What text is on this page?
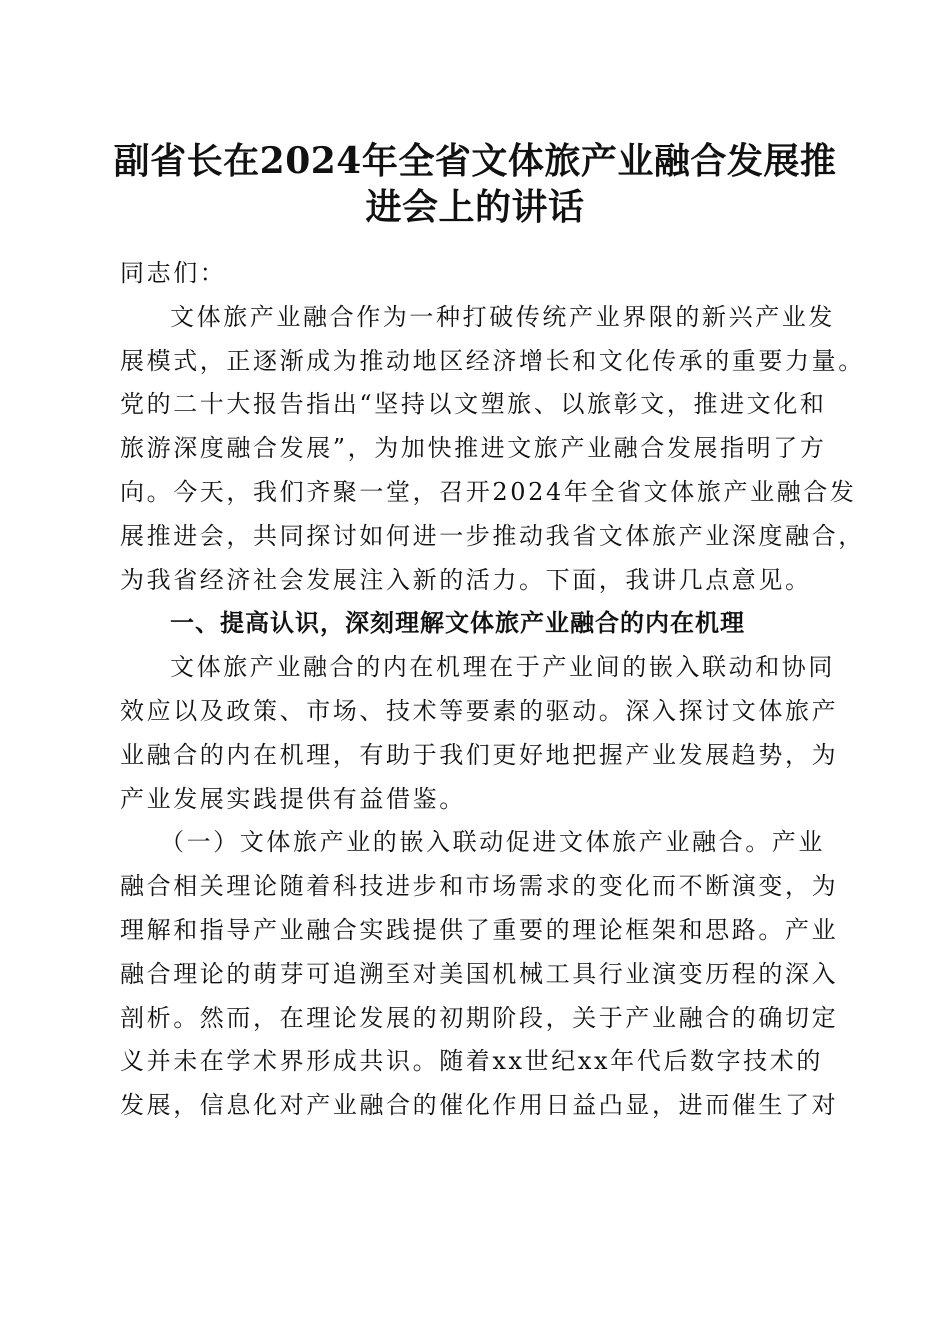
副省长在2024年全省文体旅产业融合发展推
进会上的讲话
同志们：
文体旅产业融合作为一种打破传统产业界限的新兴产业发
展模式，正逐渐成为推动地区经济增长和文化传承的重要力量。
党的二十大报告指出“坚持以文塑旅、以旅彰文，推进文化和
旅游深度融合发展”，为加快推进文旅产业融合发展指明了方
向。今天，我们齐聚一堂，召开2024年全省文体旅产业融合发
展推进会，共同探讨如何进一步推动我省文体旅产业深度融合，
为我省经济社会发展注入新的活力。下面，我讲几点意见。
一、提高认识，深刻理解文体旅产业融合的内在机理
文体旅产业融合的内在机理在于产业间的嵌入联动和协同
效应以及政策、市场、技术等要素的驱动。深入探讨文体旅产
业融合的内在机理，有助于我们更好地把握产业发展趋势，为
产业发展实践提供有益借鉴。
（一）文体旅产业的嵌入联动促进文体旅产业融合。产业
融合相关理论随着科技进步和市场需求的变化而不断演变，为
理解和指导产业融合实践提供了重要的理论框架和思路。产业
融合理论的萌芽可追溯至对美国机械工具行业演变历程的深入
剖析。然而，在理论发展的初期阶段，关于产业融合的确切定
义并未在学术界形成共识。随着xx世纪xx年代后数字技术的
发展，信息化对产业融合的催化作用日益凸显，进而催生了对
